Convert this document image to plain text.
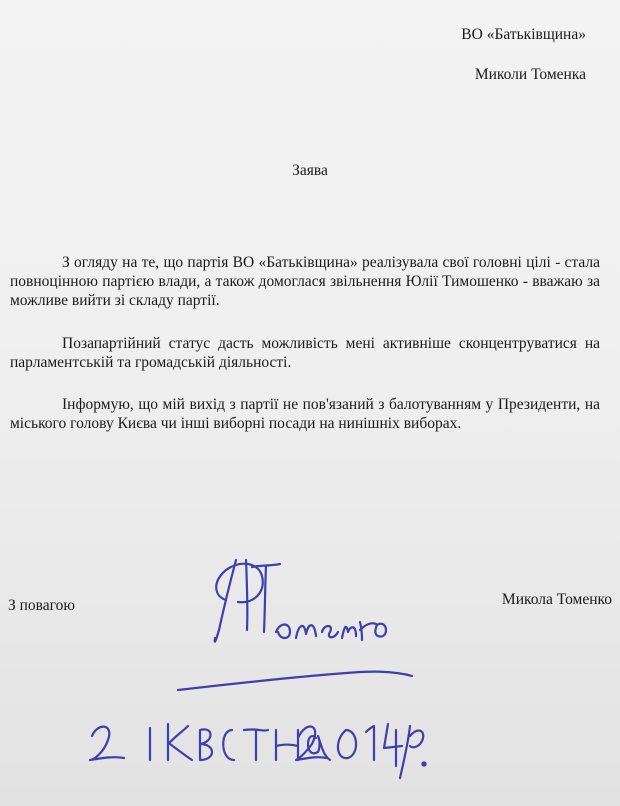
ВО «Батьківщина»
Миколи Томенка
Заява

З огляду на те, що партія ВО «Батьківщина» реалізувала свої головні цілі - стала повноцінною партією влади, а також домоглася звільнення Юлії Тимошенко - вважаю за можливе вийти зі складу партії.

Позапартійний статус дасть можливість мені активніше сконцентруватися на парламентській та громадській діяльності.

Інформую, що мій вихід з партії не пов'язаний з балотуванням у Президенти, на міського голову Києва чи інші виборні посади на нинішніх виборах.

З повагою	Микола Томенко
